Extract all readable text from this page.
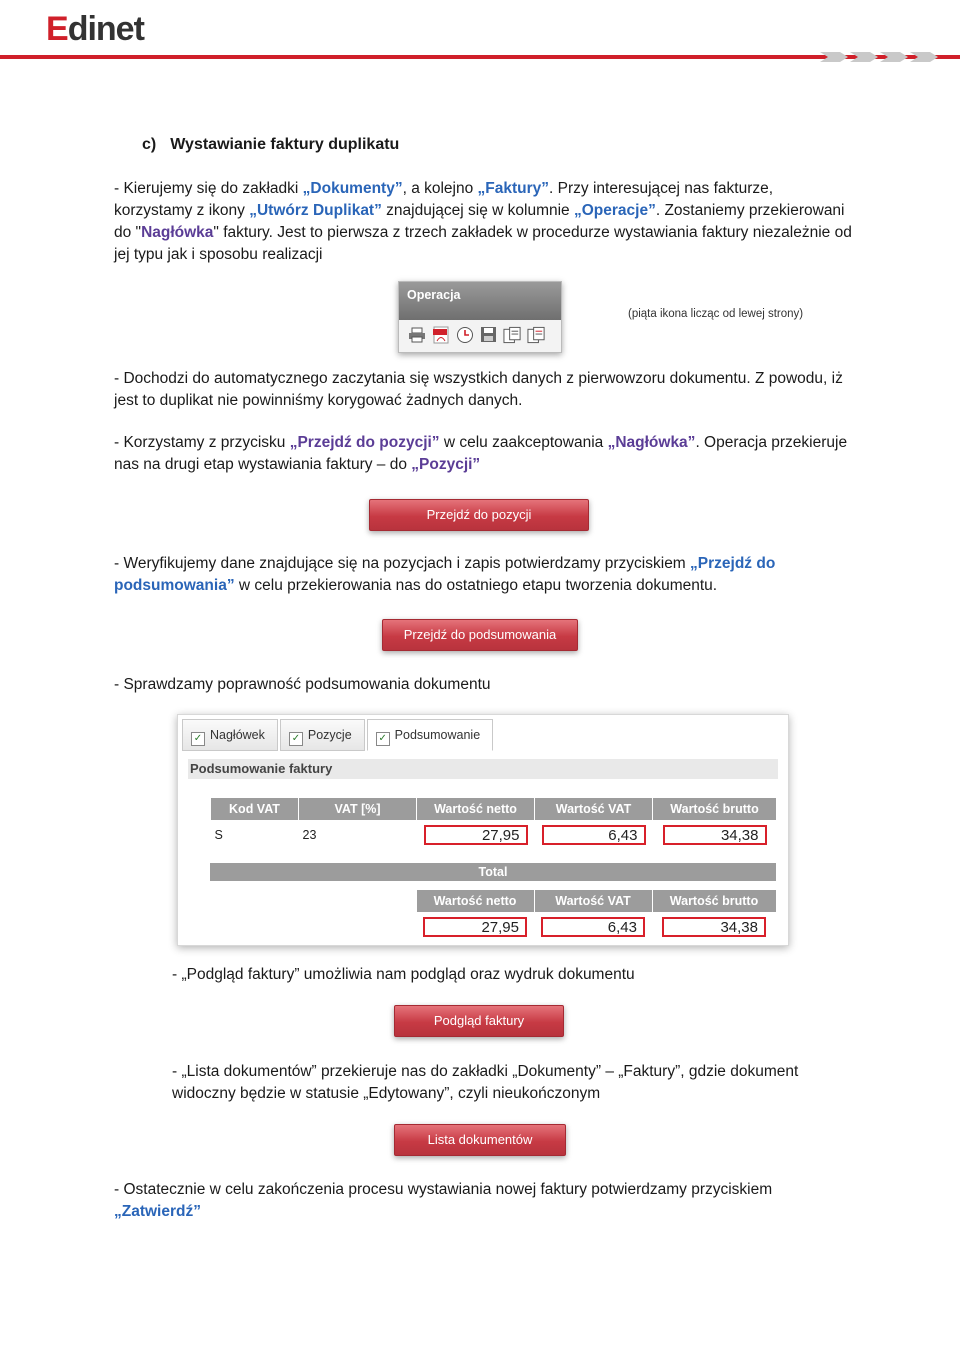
Edinet
c) Wystawianie faktury duplikatu
- Kierujemy się do zakładki „Dokumenty”, a kolejno „Faktury”. Przy interesującej nas fakturze, korzystamy z ikony „Utwórz Duplikat” znajdującej się w kolumnie „Operacje”. Zostaniemy przekierowani do "Nagłówka" faktury. Jest to pierwsza z trzech zakładek w procedurze wystawiania faktury niezależnie od jej typu jak i sposobu realizacji
Operacja
(piąta ikona licząc od lewej strony)
- Dochodzi do automatycznego zaczytania się wszystkich danych z pierwowzoru dokumentu. Z powodu, iż jest to duplikat nie powinniśmy korygować żadnych danych.
- Korzystamy z przycisku „Przejdź do pozycji” w celu zaakceptowania „Nagłówka”. Operacja przekieruje nas na drugi etap wystawiania faktury – do „Pozycji”
Przejdź do pozycji
- Weryfikujemy dane znajdujące się na pozycjach i zapis potwierdzamy przyciskiem „Przejdź do podsumowania” w celu przekierowania nas do ostatniego etapu tworzenia dokumentu.
Przejdź do podsumowania
- Sprawdzamy poprawność podsumowania dokumentu
✓ Nagłówek	✓ Pozycje	✓ Podsumowanie
Podsumowanie faktury
Kod VAT	VAT [%]	Wartość netto	Wartość VAT	Wartość brutto
S	23	27,95	6,43	34,38
Total
	Wartość netto	Wartość VAT	Wartość brutto
	27,95	6,43	34,38
- „Podgląd faktury” umożliwia nam podgląd oraz wydruk dokumentu
Podgląd faktury
- „Lista dokumentów” przekieruje nas do zakładki „Dokumenty” – „Faktury”, gdzie dokument widoczny będzie w statusie „Edytowany”, czyli nieukończonym
Lista dokumentów
- Ostatecznie w celu zakończenia procesu wystawiania nowej faktury potwierdzamy przyciskiem „Zatwierdź”
